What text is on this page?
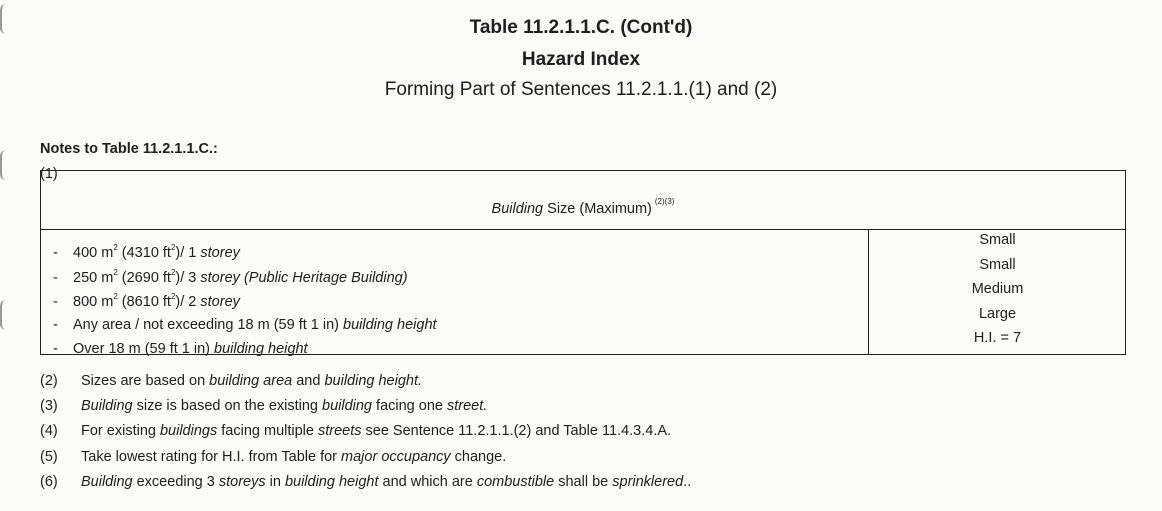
Table 11.2.1.1.C. (Cont'd)
Hazard Index
Forming Part of Sentences 11.2.1.1.(1) and (2)
Notes to Table 11.2.1.1.C.:
(1)
Building Size (Maximum) $^{(2)(3)}$
- 400 $m^2$ (4310 $ft^2)/$ 1 storey
- 250 $m^2$ (2690 $ft^2)/$ 3 storey (Public Heritage Building)
- 800 $m^2$ (8610 $ft^2)/$ 2 storey
- Any area / not exceeding 18 m (59 ft 1 in) building height
- Over 18 m (59 ft 1 in) building height
Small
Small
Medium
Large
H.I. = 7
(2) Sizes are based on building area and building height.
(3) Building size is based on the existing building facing one street.
(4) For existing buildings facing multiple streets see Sentence 11.2.1.1.(2) and Table 11.4.3.4.A.
(5) Take lowest rating for H.I. from Table for major occupancy change.
(6) Building exceeding 3 storeys in building height and which are combustible shall be sprinklered..
